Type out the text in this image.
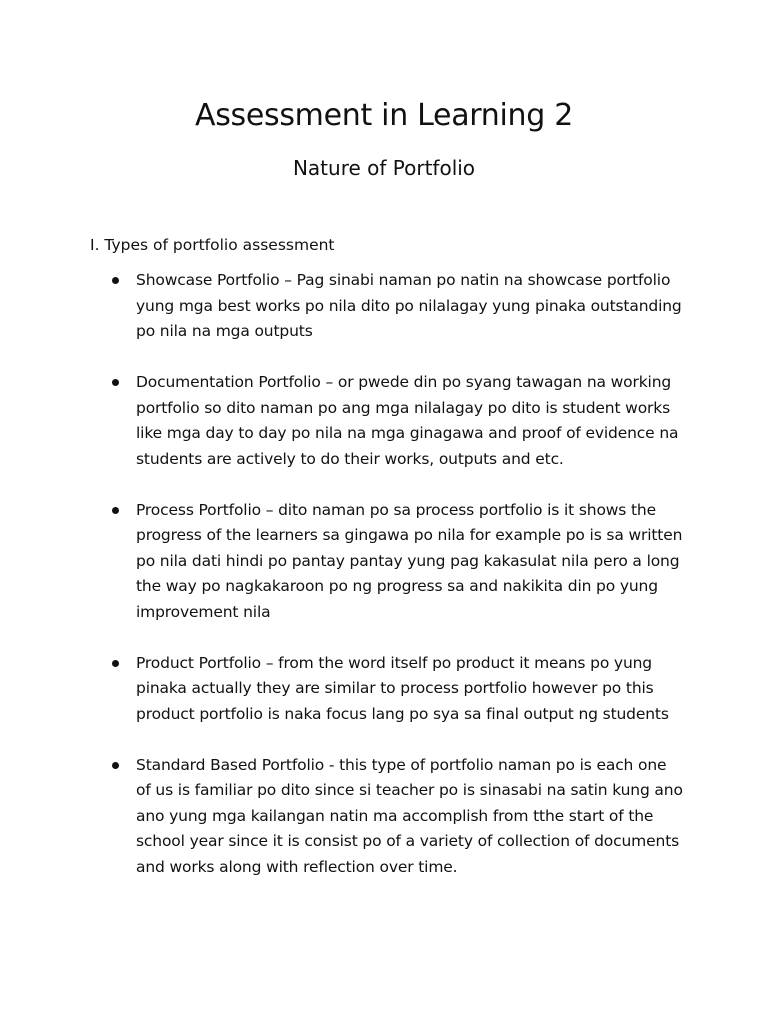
Assessment in Learning 2
Nature of Portfolio

I. Types of portfolio assessment

Showcase Portfolio – Pag sinabi naman po natin na showcase portfolio yung mga best works po nila dito po nilalagay yung pinaka outstanding po nila na mga outputs
Documentation Portfolio – or pwede din po syang tawagan na working portfolio so dito naman po ang mga nilalagay po dito is student works like mga day to day po nila na mga ginagawa and proof of evidence na students are actively to do their works, outputs and etc.
Process Portfolio – dito naman po sa process portfolio is it shows the progress of the learners sa gingawa po nila for example po is sa written po nila dati hindi po pantay pantay yung pag kakasulat nila pero a long the way po nagkakaroon po ng progress sa and nakikita din po yung improvement nila
Product Portfolio – from the word itself po product it means po yung pinaka actually they are similar to process portfolio however po this product portfolio is naka focus lang po sya sa final output ng students
Standard Based Portfolio - this type of portfolio naman po is each one of us is familiar po dito since si teacher po is sinasabi na satin kung ano ano yung mga kailangan natin ma accomplish from tthe start of the school year since it is consist po of a variety of collection of documents and works along with reflection over time.
